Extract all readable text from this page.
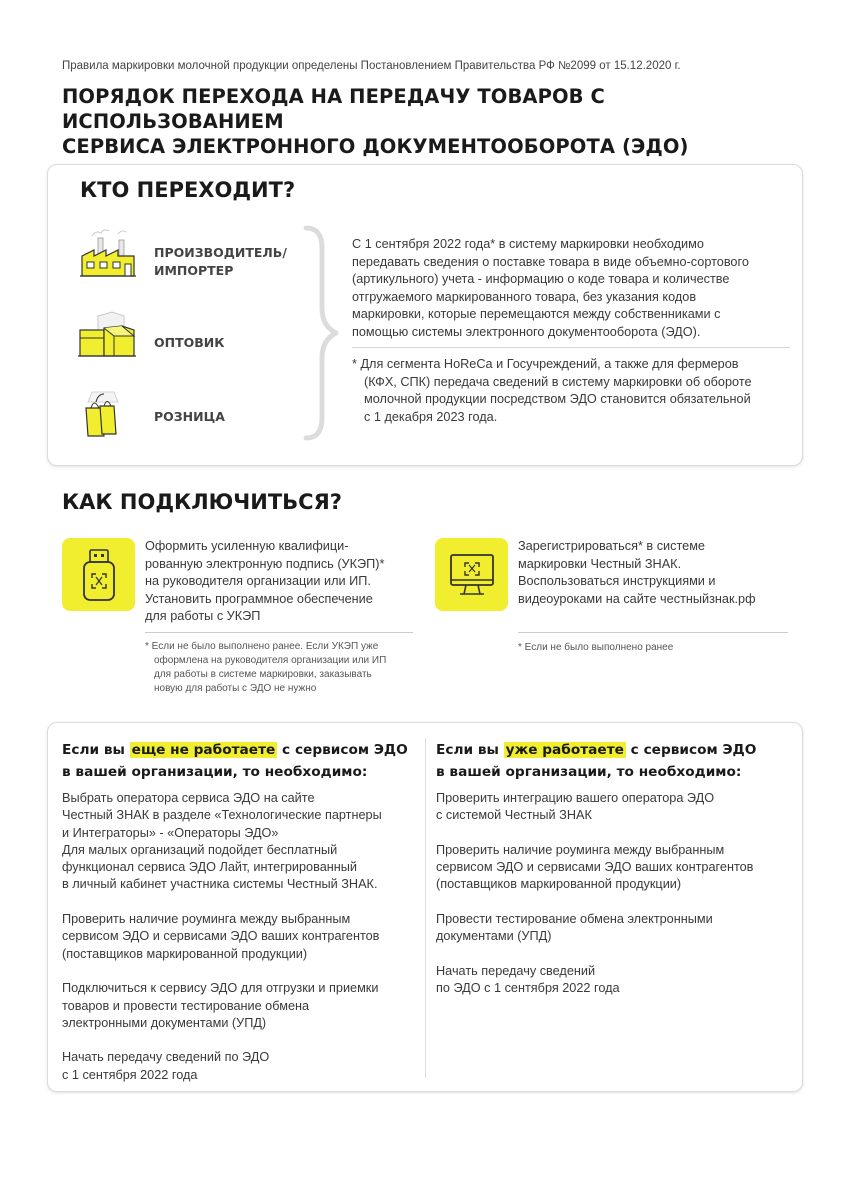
Правила маркировки молочной продукции определены Постановлением Правительства РФ №2099 от 15.12.2020 г.
ПОРЯДОК ПЕРЕХОДА НА ПЕРЕДАЧУ ТОВАРОВ С ИСПОЛЬЗОВАНИЕМ
СЕРВИСА ЭЛЕКТРОННОГО ДОКУМЕНТООБОРОТА (ЭДО)
КТО ПЕРЕХОДИТ?
ПРОИЗВОДИТЕЛЬ/
ИМПОРТЕР
ОПТОВИК
РОЗНИЦА
С 1 сентября 2022 года* в систему маркировки необходимо
передавать сведения о поставке товара в виде объемно-сортового
(артикульного) учета - информацию о коде товара и количестве
отгружаемого маркированного товара, без указания кодов
маркировки, которые перемещаются между собственниками с
помощью системы электронного документооборота (ЭДО).
* Для сегмента HoReCa и Госучреждений, а также для фермеров
(КФХ, СПК) передача сведений в систему маркировки об обороте
молочной продукции посредством ЭДО становится обязательной
с 1 декабря 2023 года.
КАК ПОДКЛЮЧИТЬСЯ?
Оформить усиленную квалифици-
рованную электронную подпись (УКЭП)*
на руководителя организации или ИП.
Установить программное обеспечение
для работы с УКЭП
* Если не было выполнено ранее. Если УКЭП уже
оформлена на руководителя организации или ИП
для работы в системе маркировки, заказывать
новую для работы с ЭДО не нужно
Зарегистрироваться* в системе
маркировки Честный ЗНАК.
Воспользоваться инструкциями и
видеоуроками на сайте честныйзнак.рф
* Если не было выполнено ранее
Если вы еще не работаете с сервисом ЭДО
в вашей организации, то необходимо:

Выбрать оператора сервиса ЭДО на сайте
Честный ЗНАК в разделе «Технологические партнеры
и Интеграторы» - «Операторы ЭДО»
Для малых организаций подойдет бесплатный
функционал сервиса ЭДО Лайт, интегрированный
в личный кабинет участника системы Честный ЗНАК.

Проверить наличие роуминга между выбранным
сервисом ЭДО и сервисами ЭДО ваших контрагентов
(поставщиков маркированной продукции)

Подключиться к сервису ЭДО для отгрузки и приемки
товаров и провести тестирование обмена
электронными документами (УПД)

Начать передачу сведений по ЭДО
с 1 сентября 2022 года

Если вы уже работаете с сервисом ЭДО
в вашей организации, то необходимо:

Проверить интеграцию вашего оператора ЭДО
с системой Честный ЗНАК

Проверить наличие роуминга между выбранным
сервисом ЭДО и сервисами ЭДО ваших контрагентов
(поставщиков маркированной продукции)

Провести тестирование обмена электронными
документами (УПД)

Начать передачу сведений
по ЭДО с 1 сентября 2022 года
